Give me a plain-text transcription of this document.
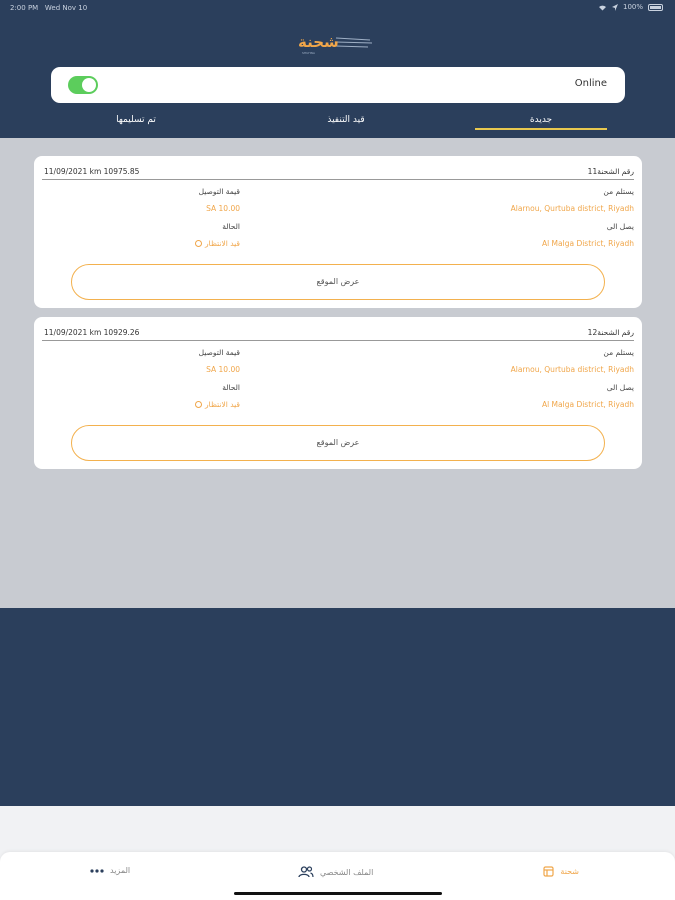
2:00 PM Wed Nov 10	100%
شحنة
SHUHNA
Online
جديدة
قيد التنفيذ
تم تسليمها
رقم الشحنة11
11/09/2021 km 10975.85
يستلم من
Alarnou, Qurtuba district, Riyadh
يصل الى
Al Malga District, Riyadh
قيمة التوصيل
SA 10.00
الحالة
قيد الانتظار
عرض الموقع
رقم الشحنة12
11/09/2021 km 10929.26
يستلم من
Alarnou, Qurtuba district, Riyadh
يصل الى
Al Malga District, Riyadh
قيمة التوصيل
SA 10.00
الحالة
قيد الانتظار
عرض الموقع
شحنة
الملف الشخصي
المزيد
